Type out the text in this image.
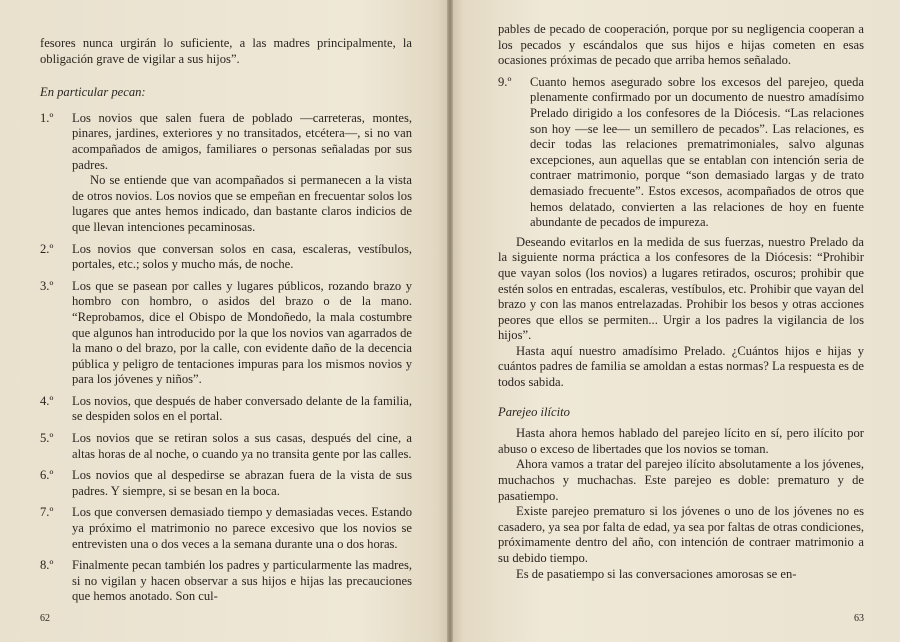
fesores nunca urgirán lo suficiente, a las madres principalmente, la obligación grave de vigilar a sus hijos”.

En particular pecan:

1.º	Los novios que salen fuera de poblado —carreteras, montes, pinares, jardines, exteriores y no transitados, etcétera—, si no van acompañados de amigos, familiares o personas señaladas por sus padres.

No se entiende que van acompañados si permanecen a la vista de otros novios. Los novios que se empeñan en frecuentar solos los lugares que antes hemos indicado, dan bastante claros indicios de que llevan intenciones pecaminosas.

2.º	Los novios que conversan solos en casa, escaleras, vestíbulos, portales, etc.; solos y mucho más, de noche.

3.º	Los que se pasean por calles y lugares públicos, rozando brazo y hombro con hombro, o asidos del brazo o de la mano. “Reprobamos, dice el Obispo de Mondoñedo, la mala costumbre que algunos han introducido por la que los novios van agarrados de la mano o del brazo, por la calle, con evidente daño de la decencia pública y peligro de tentaciones impuras para los mismos novios y para los jóvenes y niños”.

4.º	Los novios, que después de haber conversado delante de la familia, se despiden solos en el portal.

5.º	Los novios que se retiran solos a sus casas, después del cine, a altas horas de al noche, o cuando ya no transita gente por las calles.

6.º	Los novios que al despedirse se abrazan fuera de la vista de sus padres. Y siempre, si se besan en la boca.

7.º	Los que conversen demasiado tiempo y demasiadas veces. Estando ya próximo el matrimonio no parece excesivo que los novios se entrevisten una o dos veces a la semana durante una o dos horas.

8.º	Finalmente pecan también los padres y particularmente las madres, si no vigilan y hacen observar a sus hijos e hijas las precauciones que hemos anotado. Son cul-

62

pables de pecado de cooperación, porque por su negligencia cooperan a los pecados y escándalos que sus hijos e hijas cometen en esas ocasiones próximas de pecado que arriba hemos señalado.

9.º	Cuanto hemos asegurado sobre los excesos del parejeo, queda plenamente confirmado por un documento de nuestro amadísimo Prelado dirigido a los confesores de la Diócesis. “Las relaciones son hoy —se lee— un semillero de pecados”. Las relaciones, es decir todas las relaciones prematrimoniales, salvo algunas excepciones, aun aquellas que se entablan con intención seria de contraer matrimonio, porque “son demasiado largas y de trato demasiado frecuente”. Estos excesos, acompañados de otros que hemos delatado, convierten a las relaciones de hoy en fuente abundante de pecados de impureza.

Deseando evitarlos en la medida de sus fuerzas, nuestro Prelado da la siguiente norma práctica a los confesores de la Diócesis: “Prohibir que vayan solos (los novios) a lugares retirados, oscuros; prohibir que estén solos en entradas, escaleras, vestíbulos, etc. Prohibir que vayan del brazo y con las manos entrelazadas. Prohibir los besos y otras acciones peores que ellos se permiten... Urgir a los padres la vigilancia de los hijos”.

Hasta aquí nuestro amadísimo Prelado. ¿Cuántos hijos e hijas y cuántos padres de familia se amoldan a estas normas? La respuesta es de todos sabida.

Parejeo ilícito

Hasta ahora hemos hablado del parejeo lícito en sí, pero ilícito por abuso o exceso de libertades que los novios se toman.

Ahora vamos a tratar del parejeo ilícito absolutamente a los jóvenes, muchachos y muchachas. Este parejeo es doble: prematuro y de pasatiempo.

Existe parejeo prematuro si los jóvenes o uno de los jóvenes no es casadero, ya sea por falta de edad, ya sea por faltas de otras condiciones, próximamente dentro del año, con intención de contraer matrimonio a su debido tiempo.

Es de pasatiempo si las conversaciones amorosas se en-

63
